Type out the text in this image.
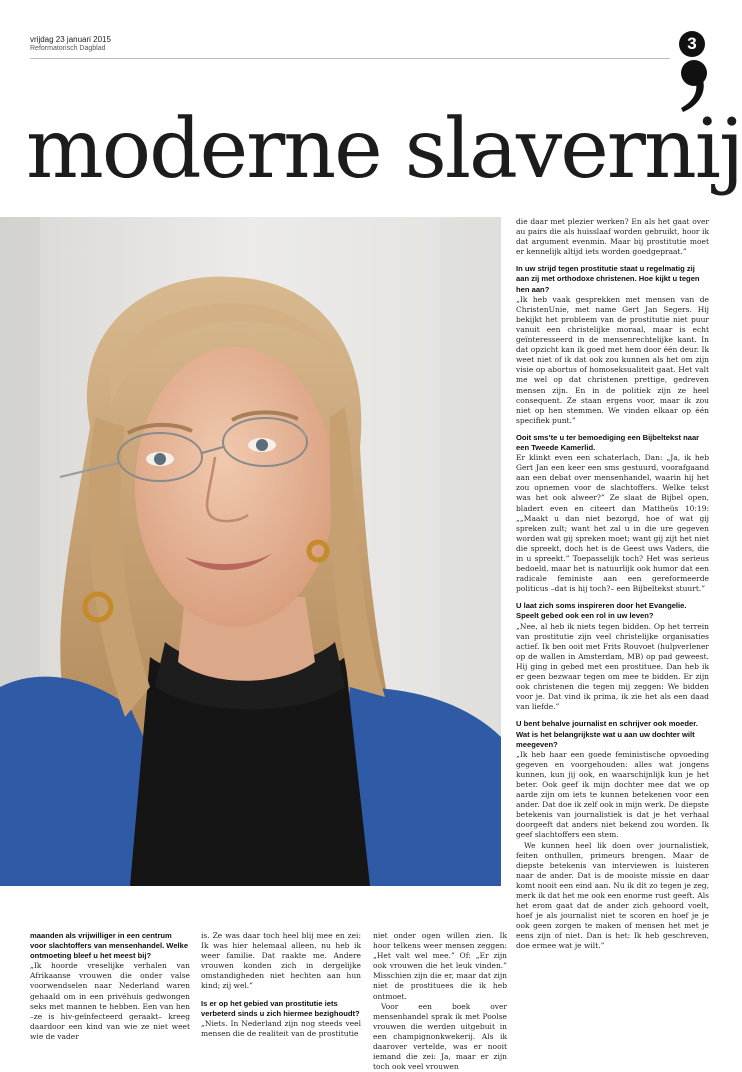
vrijdag 23 januari 2015
Reformatorisch Dagblad	3
moderne slavernij

die daar met plezier werken? En als het gaat over au pairs die als huisslaaf worden gebruikt, hoor ik dat argument evenmin. Maar bij prostitutie moet er kennelijk altijd iets worden goedgepraat.”

In uw strijd tegen prostitutie staat u regelmatig zij aan zij met orthodoxe christenen. Hoe kijkt u tegen hen aan?

„Ik heb vaak gesprekken met mensen van de ChristenUnie, met name Gert Jan Segers. Hij bekijkt het probleem van de prostitutie niet puur vanuit een christelijke moraal, maar is echt geïnteresseerd in de mensenrechtelijke kant. In dat opzicht kan ik goed met hem door één deur. Ik weet niet of ik dat ook zou kunnen als het om zijn visie op abortus of homoseksualiteit gaat. Het valt me wel op dat christenen prettige, gedreven mensen zijn. En in de politiek zijn ze heel consequent. Ze staan ergens voor, maar ik zou niet op hen stemmen. We vinden elkaar op één specifiek punt.”

Ooit sms’te u ter bemoediging een Bijbeltekst naar een Tweede Kamerlid.

Er klinkt even een schaterlach, Dan: „Ja, ik heb Gert Jan een keer een sms gestuurd, voorafgaand aan een debat over mensenhandel, waarin hij het zou opnemen voor de slachtoffers. Welke tekst was het ook alweer?” Ze slaat de Bijbel open, bladert even en citeert dan Mattheüs 10:19: „„Maakt u dan niet bezorgd, hoe of wat gij spreken zult; want het zal u in die ure gegeven worden wat gij spreken moet; want gij zijt het niet die spreekt, doch het is de Geest uws Vaders, die in u spreekt.” Toepasselijk toch? Het was serieus bedoeld, maar het is natuurlijk ook humor dat een radicale feministe aan een gereformeerde politicus –dat is hij toch?– een Bijbeltekst stuurt.”

U laat zich soms inspireren door het Evangelie. Speelt gebed ook een rol in uw leven?

„Nee, al heb ik niets tegen bidden. Op het terrein van prostitutie zijn veel christelijke organisaties actief. Ik ben ooit met Frits Rouvoet (hulpverlener op de wallen in Amsterdam, MB) op pad geweest. Hij ging in gebed met een prostituee. Dan heb ik er geen bezwaar tegen om mee te bidden. Er zijn ook christenen die tegen mij zeggen: We bidden voor je. Dat vind ik prima, ik zie het als een daad van liefde.”

U bent behalve journalist en schrijver ook moeder. Wat is het belangrijkste wat u aan uw dochter wilt meegeven?

„Ik heb haar een goede feministische opvoeding gegeven en voorgehouden: alles wat jongens kunnen, kun jij ook, en waarschijnlijk kun je het beter. Ook geef ik mijn dochter mee dat we op aarde zijn om iets te kunnen betekenen voor een ander. Dat doe ik zelf ook in mijn werk. De diepste betekenis van journalistiek is dat je het verhaal doorgeeft dat anders niet bekend zou worden. Ik geef slachtoffers een stem.

We kunnen heel lik doen over journalistiek, feiten onthullen, primeurs brengen. Maar de diepste betekenis van interviewen is luisteren naar de ander. Dat is de mooiste missie en daar komt nooit een eind aan. Nu ik dit zo tegen je zeg, merk ik dat het me ook een enorme rust geeft. Als het erom gaat dat de ander zich gehoord voelt, hoef je als journalist niet te scoren en hoef je je ook geen zorgen te maken of mensen het met je eens zijn of niet. Dan is het: Ik heb geschreven, doe ermee wat je wilt.”

maanden als vrijwilliger in een centrum voor slachtoffers van mensenhandel. Welke ontmoeting bleef u het meest bij?

„Ik hoorde vreselijke verhalen van Afrikaanse vrouwen die onder valse voorwendselen naar Nederland waren gehaald om in een privéhuis gedwongen seks met mannen te hebben. Een van hen –ze is hiv-geïnfecteerd geraakt– kreeg daardoor een kind van wie ze niet weet wie de vader

is. Ze was daar toch heel blij mee en zei: Ik was hier helemaal alleen, nu heb ik weer familie. Dat raakte me. Andere vrouwen konden zich in dergelijke omstandigheden niet hechten aan hun kind; zij wel.”

Is er op het gebied van prostitutie iets verbeterd sinds u zich hiermee bezighoudt?

„Niets. In Nederland zijn nog steeds veel mensen die de realiteit van de prostitutie

niet onder ogen willen zien. Ik hoor telkens weer mensen zeggen: „Het valt wel mee.” Of: „Er zijn ook vrouwen die het leuk vinden.” Misschien zijn die er, maar dat zijn niet de prostituees die ik heb ontmoet.

Voor een boek over mensenhandel sprak ik met Poolse vrouwen die werden uitgebuit in een champignonkwekerij. Als ik daarover vertelde, was er nooit iemand die zei: Ja, maar er zijn toch ook veel vrouwen
